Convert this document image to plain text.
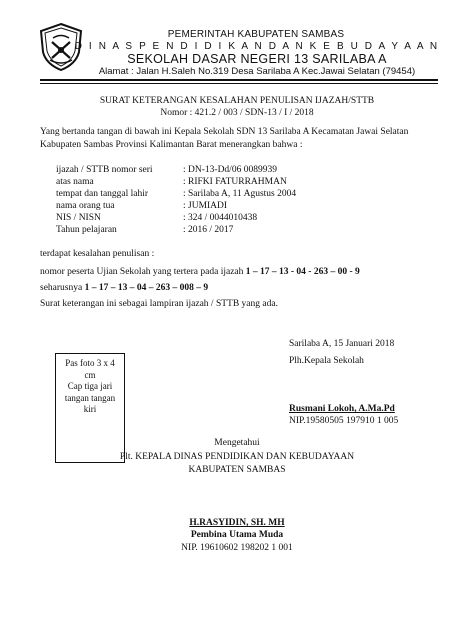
PEMERINTAH KABUPATEN SAMBAS
D I N A S P E N D I D I K A N D A N K E B U D A Y A A N
SEKOLAH DASAR NEGERI 13 SARILABA A
Alamat : Jalan H.Saleh No.319 Desa Sarilaba A Kec.Jawai Selatan (79454)
SURAT KETERANGAN KESALAHAN PENULISAN IJAZAH/STTB
Nomor : 421.2 / 003 / SDN-13 / I / 2018
Yang bertanda tangan di bawah ini Kepala Sekolah SDN 13 Sarilaba A Kecamatan Jawai Selatan
Kabupaten Sambas Provinsi Kalimantan Barat menerangkan bahwa :
ijazah / STTB nomor seri	: DN-13-Dd/06 0089939
atas nama	: RIFKI FATURRAHMAN
tempat dan tanggal lahir	: Sarilaba A, 11 Agustus 2004
nama orang tua	: JUMIADI
NIS / NISN	: 324 / 0044010438
Tahun pelajaran	: 2016 / 2017
terdapat kesalahan penulisan :
nomor peserta Ujian Sekolah yang tertera pada ijazah 1 – 17 – 13 - 04 - 263 – 00 - 9
seharusnya 1 – 17 – 13 – 04 – 263 – 008 – 9
Surat keterangan ini sebagai lampiran ijazah / STTB yang ada.
Pas foto 3 x 4
cm
Cap tiga jari
tangan tangan
kiri
Sarilaba A, 15 Januari 2018
Plh.Kepala Sekolah
Rusmani Lokoh, A.Ma.Pd
NIP.19580505 197910 1 005
Mengetahui
Plt. KEPALA DINAS PENDIDIKAN DAN KEBUDAYAAN
KABUPATEN SAMBAS
H.RASYIDIN, SH. MH
Pembina Utama Muda
NIP. 19610602 198202 1 001
